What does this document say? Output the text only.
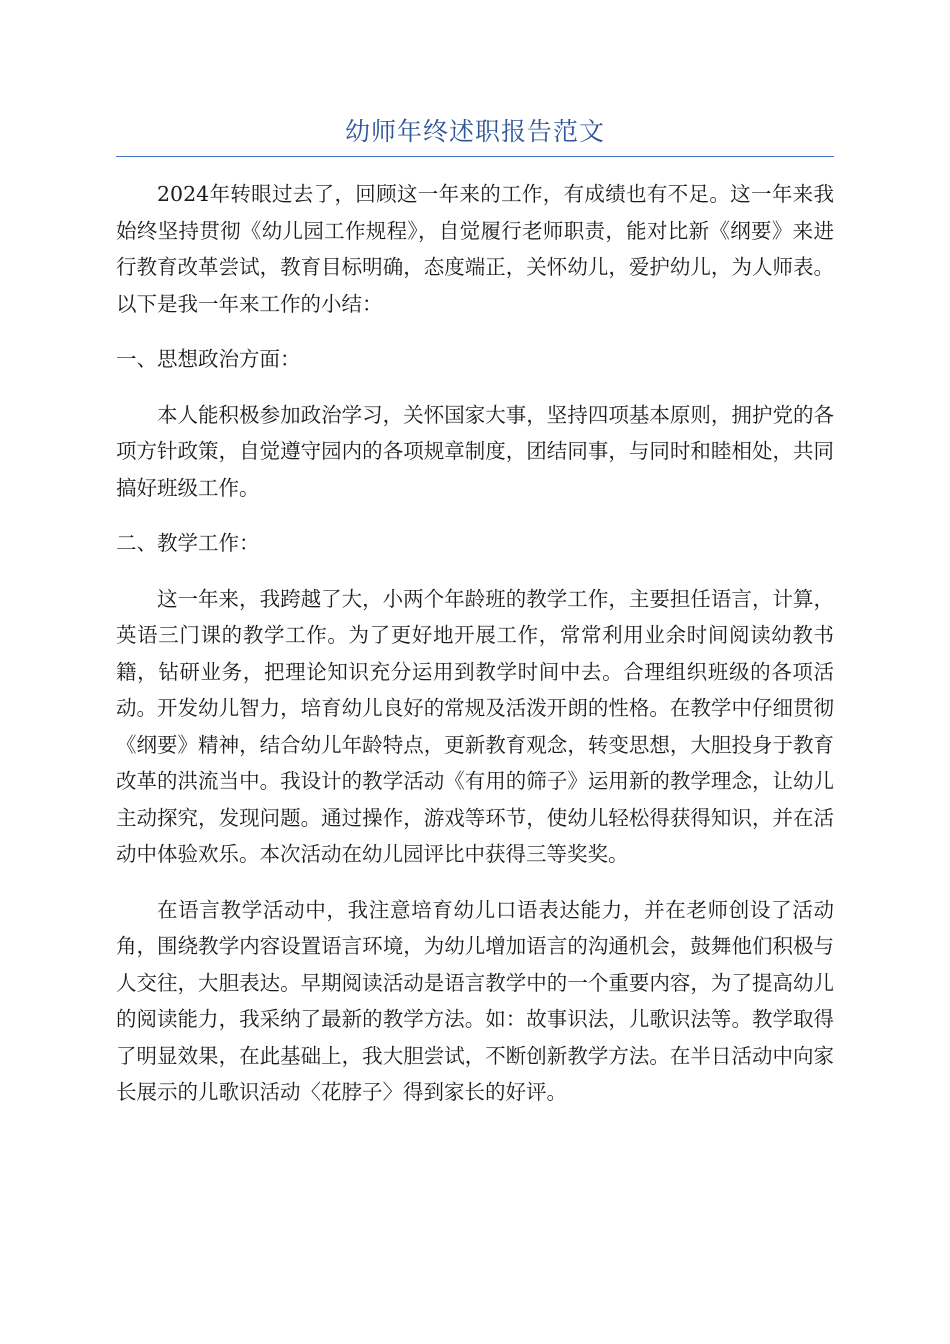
幼师年终述职报告范文

2024年转眼过去了，回顾这一年来的工作，有成绩也有不足。这一年来我始终坚持贯彻《幼儿园工作规程》，自觉履行老师职责，能对比新《纲要》来进行教育改革尝试，教育目标明确，态度端正，关怀幼儿，爱护幼儿，为人师表。以下是我一年来工作的小结：

一、思想政治方面：

本人能积极参加政治学习，关怀国家大事，坚持四项基本原则，拥护党的各项方针政策，自觉遵守园内的各项规章制度，团结同事，与同时和睦相处，共同搞好班级工作。

二、教学工作：

这一年来，我跨越了大，小两个年龄班的教学工作，主要担任语言，计算，英语三门课的教学工作。为了更好地开展工作，常常利用业余时间阅读幼教书籍，钻研业务，把理论知识充分运用到教学时间中去。合理组织班级的各项活动。开发幼儿智力，培育幼儿良好的常规及活泼开朗的性格。在教学中仔细贯彻《纲要》精神，结合幼儿年龄特点，更新教育观念，转变思想，大胆投身于教育改革的洪流当中。我设计的教学活动《有用的筛子》运用新的教学理念，让幼儿主动探究，发现问题。通过操作，游戏等环节，使幼儿轻松得获得知识，并在活动中体验欢乐。本次活动在幼儿园评比中获得三等奖奖。

在语言教学活动中，我注意培育幼儿口语表达能力，并在老师创设了活动角，围绕教学内容设置语言环境，为幼儿增加语言的沟通机会，鼓舞他们积极与人交往，大胆表达。早期阅读活动是语言教学中的一个重要内容，为了提高幼儿的阅读能力，我采纳了最新的教学方法。如：故事识法，儿歌识法等。教学取得了明显效果，在此基础上，我大胆尝试，不断创新教学方法。在半日活动中向家长展示的儿歌识活动〈花脖子〉得到家长的好评。
